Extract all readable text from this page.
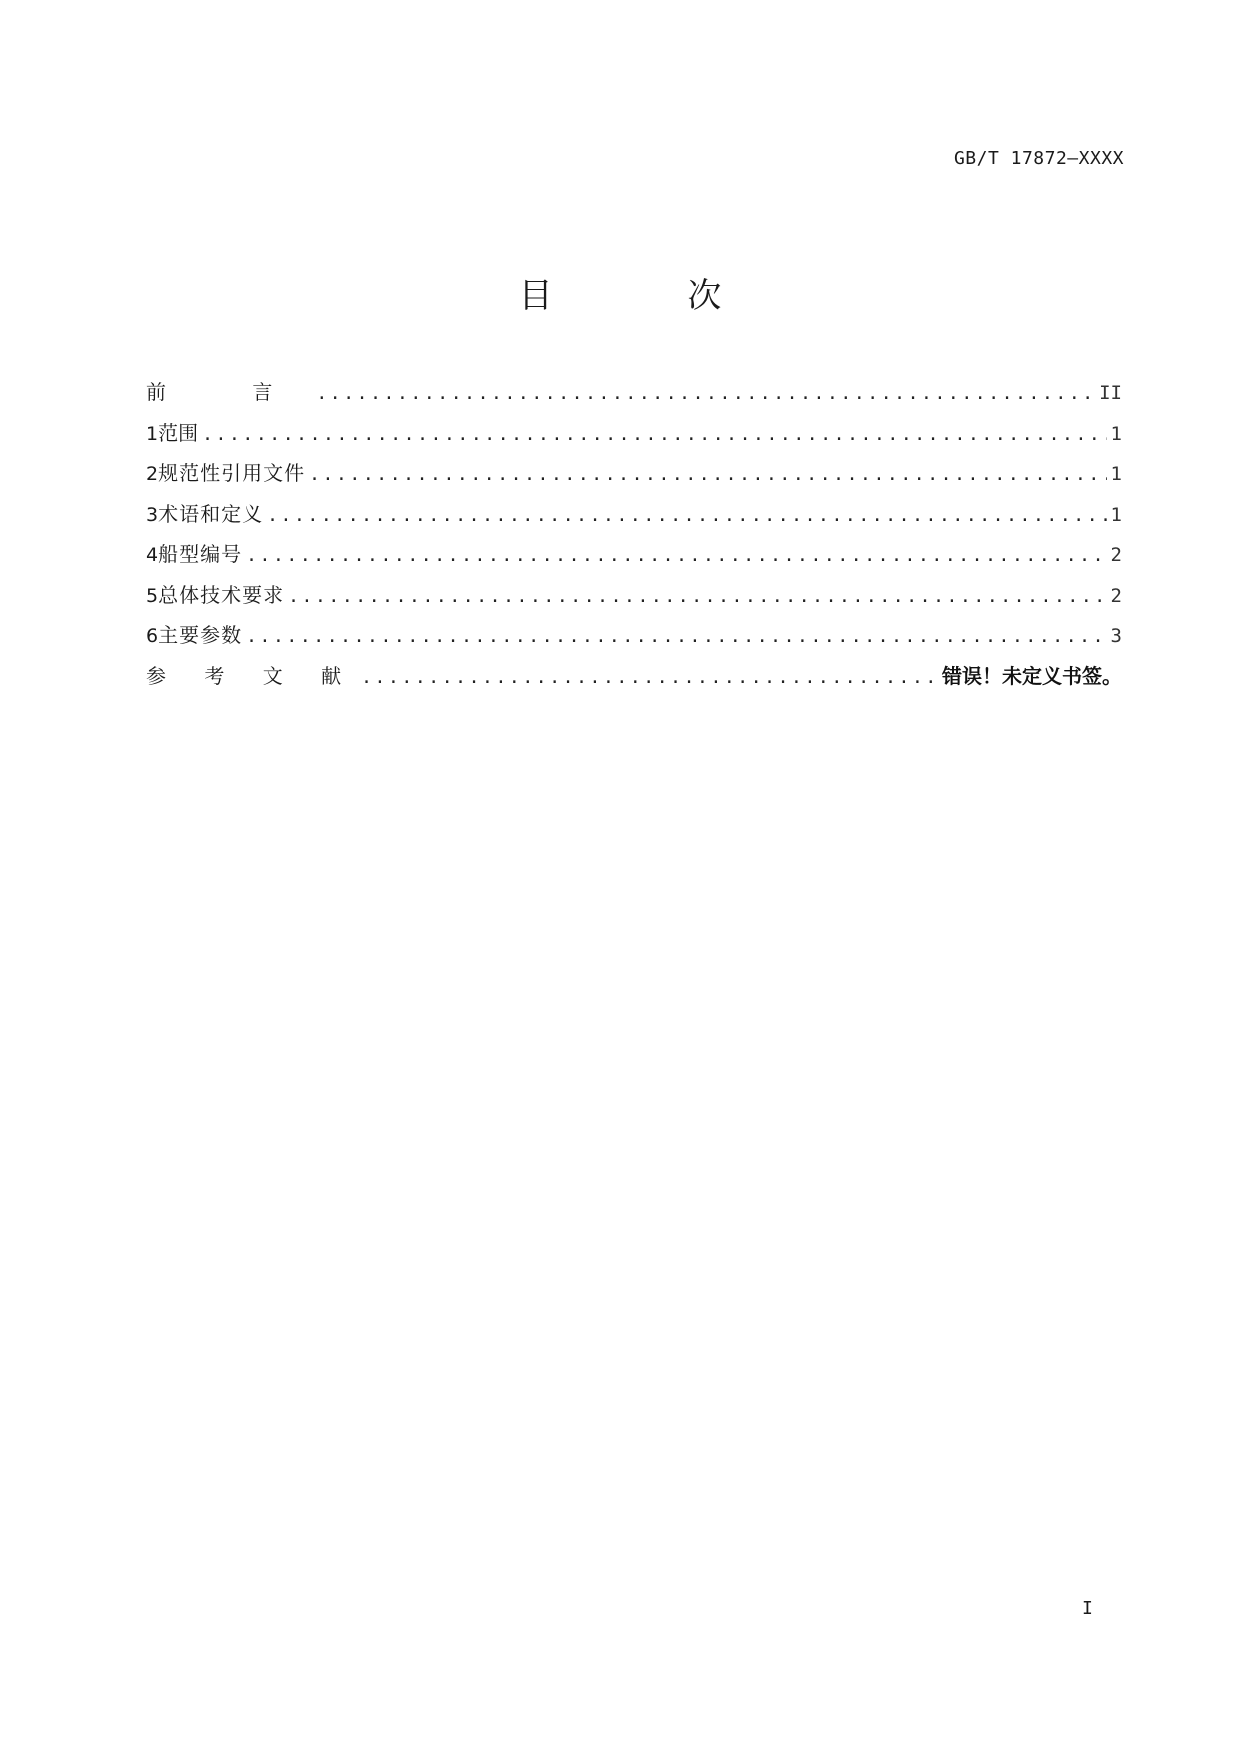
GB/T 17872—XXXX
目 次
前 言 .....	II
1 范围 .....	1
2 规范性引用文件 .....	1
3 术语和定义 .....	1
4 船型编号 .....	2
5 总体技术要求 .....	2
6 主要参数 .....	3
参 考 文 献 .....	错误！未定义书签。
I
